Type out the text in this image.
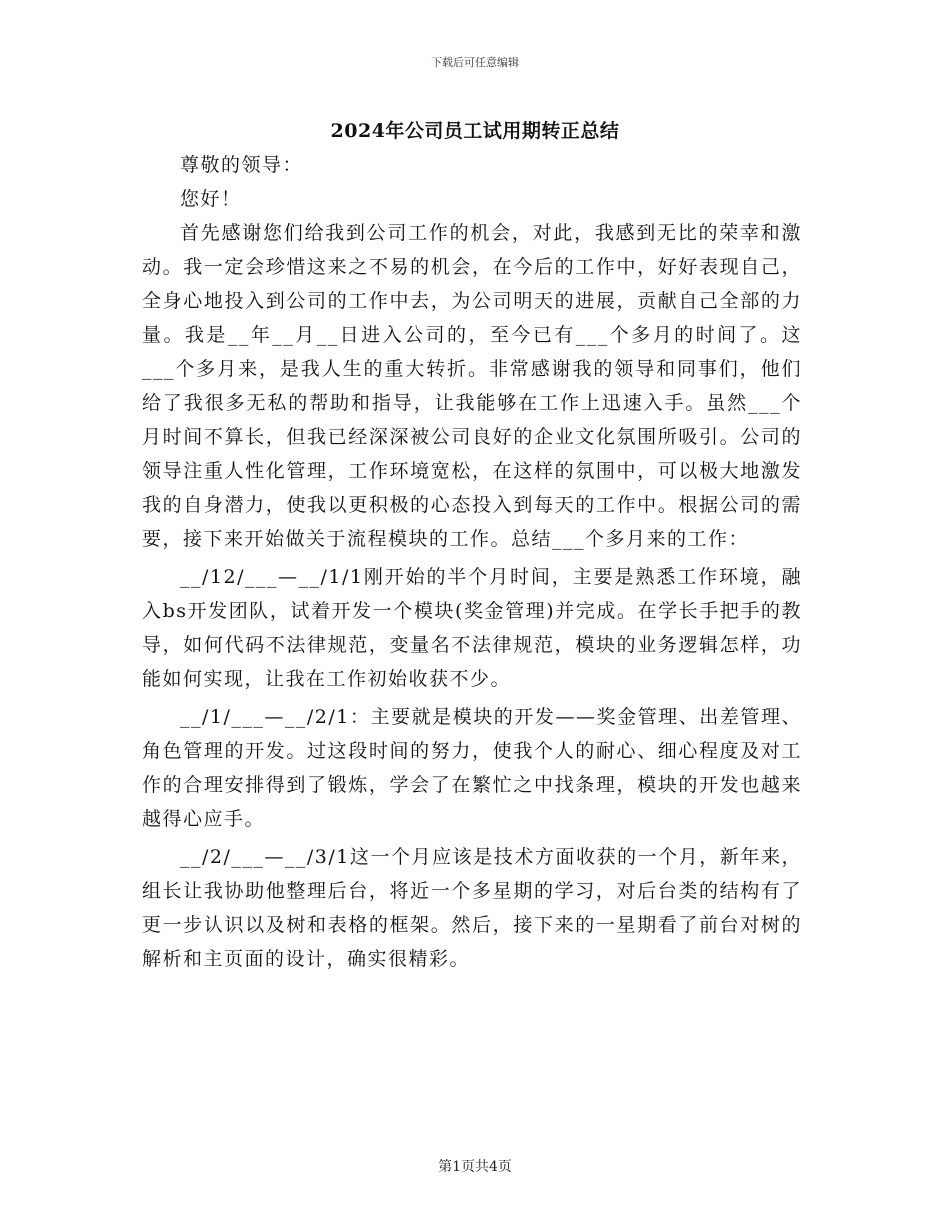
下载后可任意编辑
2024年公司员工试用期转正总结

尊敬的领导：

您好！

首先感谢您们给我到公司工作的机会，对此，我感到无比的荣幸和激动。我一定会珍惜这来之不易的机会，在今后的工作中，好好表现自己，全身心地投入到公司的工作中去，为公司明天的进展，贡献自己全部的力量。我是__年__月__日进入公司的，至今已有___个多月的时间了。这___个多月来，是我人生的重大转折。非常感谢我的领导和同事们，他们给了我很多无私的帮助和指导，让我能够在工作上迅速入手。虽然___个月时间不算长，但我已经深深被公司良好的企业文化氛围所吸引。公司的领导注重人性化管理，工作环境宽松，在这样的氛围中，可以极大地激发我的自身潜力，使我以更积极的心态投入到每天的工作中。根据公司的需要，接下来开始做关于流程模块的工作。总结___个多月来的工作：

__/12/___—__/1/1刚开始的半个月时间，主要是熟悉工作环境，融入bs开发团队，试着开发一个模块(奖金管理)并完成。在学长手把手的教导，如何代码不法律规范，变量名不法律规范，模块的业务逻辑怎样，功能如何实现，让我在工作初始收获不少。

__/1/___—__/2/1：主要就是模块的开发——奖金管理、出差管理、角色管理的开发。过这段时间的努力，使我个人的耐心、细心程度及对工作的合理安排得到了锻炼，学会了在繁忙之中找条理，模块的开发也越来越得心应手。

__/2/___—__/3/1这一个月应该是技术方面收获的一个月，新年来，组长让我协助他整理后台，将近一个多星期的学习，对后台类的结构有了更一步认识以及树和表格的框架。然后，接下来的一星期看了前台对树的解析和主页面的设计，确实很精彩。

第1页共4页
